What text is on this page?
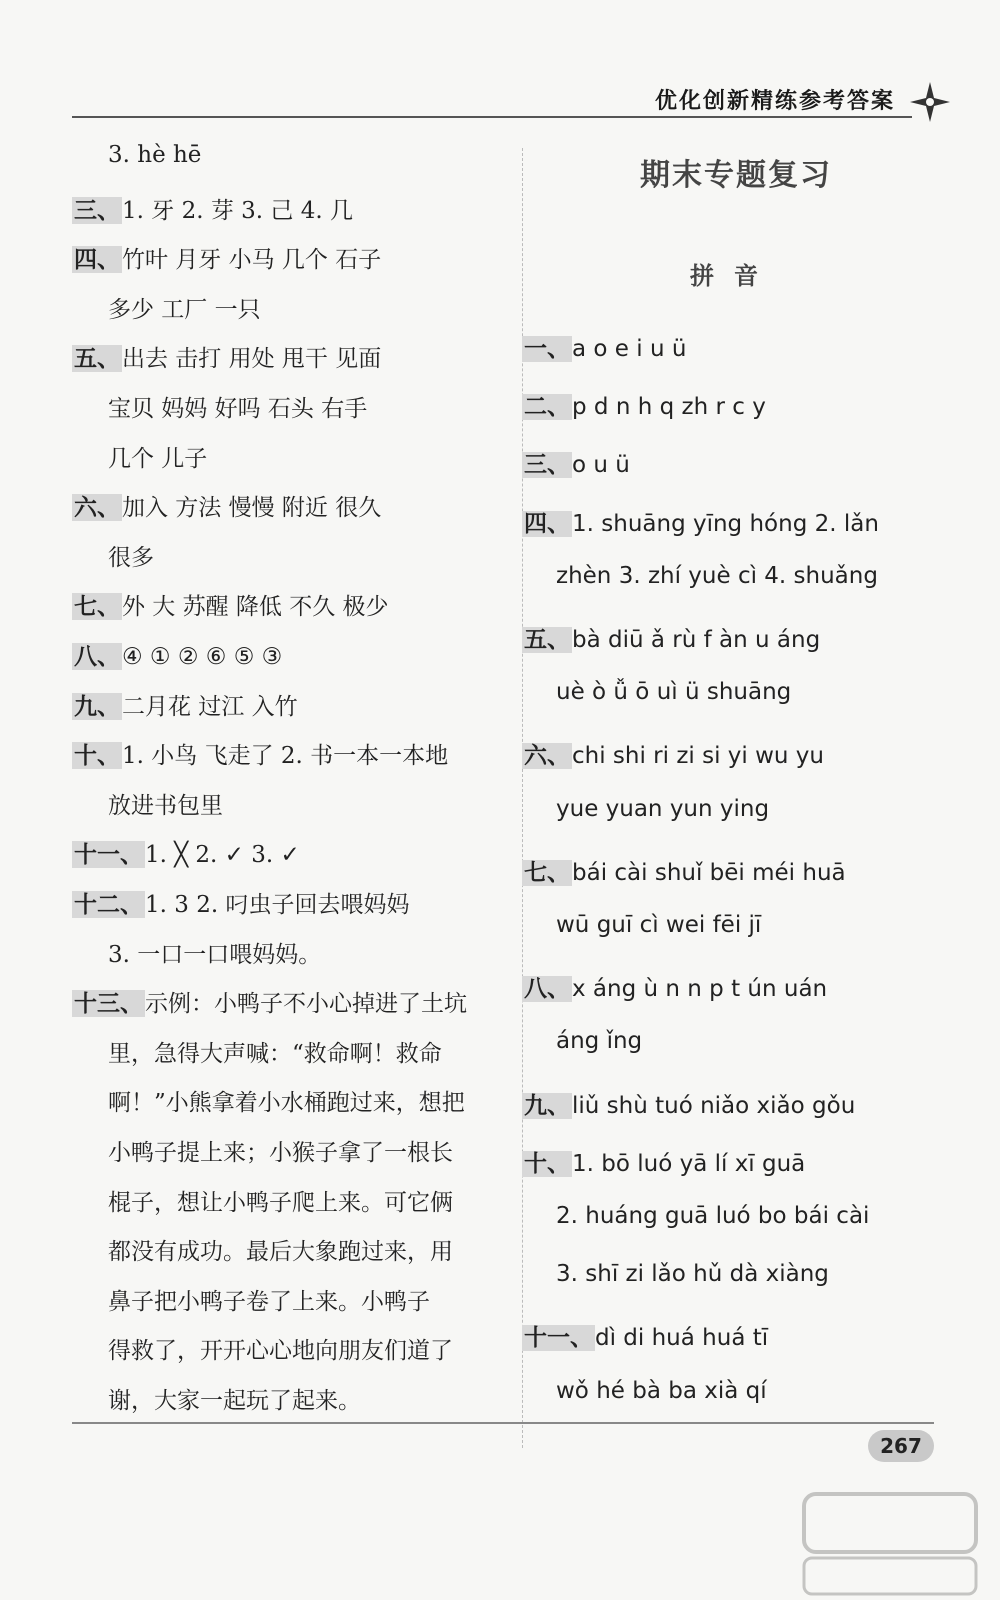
优化创新精练参考答案
3. hè hē
三、1. 牙 2. 芽 3. 己 4. 几
四、竹叶 月牙 小马 几个 石子
多少 工厂 一只
五、出去 击打 用处 甩干 见面
宝贝 妈妈 好吗 石头 右手
几个 儿子
六、加入 方法 慢慢 附近 很久
很多
七、外 大 苏醒 降低 不久 极少
八、④ ① ② ⑥ ⑤ ③
九、二月花 过江 入竹
十、1. 小鸟 飞走了 2. 书一本一本地
放进书包里
十一、1. ╳ 2. ✓ 3. ✓
十二、1. 3 2. 叼虫子回去喂妈妈
3. 一口一口喂妈妈。
十三、示例：小鸭子不小心掉进了土坑
里，急得大声喊：“救命啊！救命
啊！”小熊拿着小水桶跑过来，想把
小鸭子提上来；小猴子拿了一根长
棍子，想让小鸭子爬上来。可它俩
都没有成功。最后大象跑过来，用
鼻子把小鸭子卷了上来。小鸭子
得救了，开开心心地向朋友们道了
谢，大家一起玩了起来。
期末专题复习
拼音
一、a o e i u ü
二、p d n h q zh r c y
三、o u ü
四、1. shuāng yīng hóng 2. lǎn
zhèn 3. zhí yuè cì 4. shuǎng
五、bà diū ǎ rù f àn u áng
uè ò ǚ ō uì ü shuāng
六、chi shi ri zi si yi wu yu
yue yuan yun ying
七、bái cài shuǐ bēi méi huā
wū guī cì wei fēi jī
八、x áng ù n n p t ún uán
áng ǐng
九、liǔ shù tuó niǎo xiǎo gǒu
十、1. bō luó yā lí xī guā
2. huáng guā luó bo bái cài
3. shī zi lǎo hǔ dà xiàng
十一、dì di huá huá tī
wǒ hé bà ba xià qí
267
